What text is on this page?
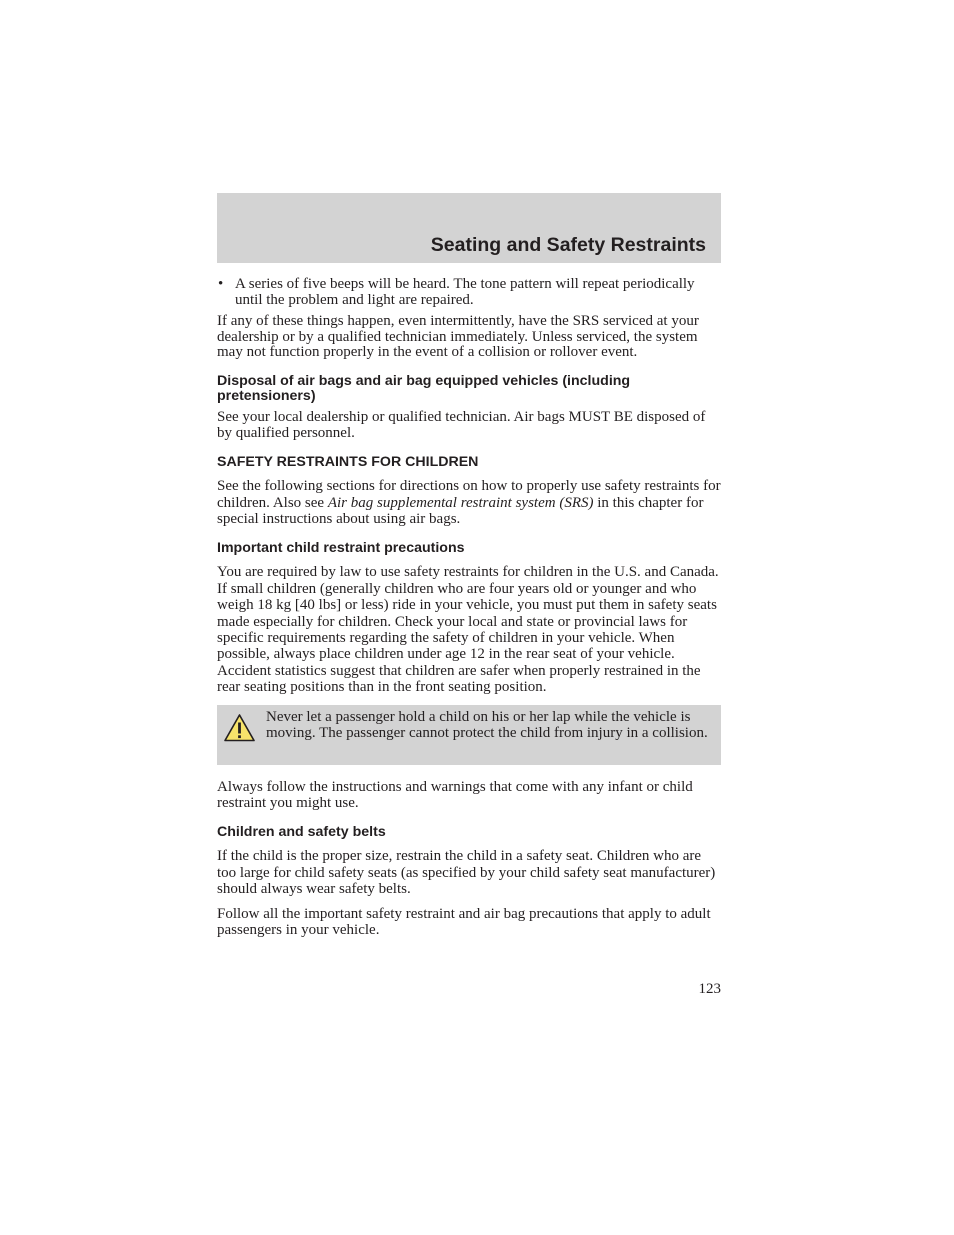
Seating and Safety Restraints

• A series of five beeps will be heard. The tone pattern will repeat periodically until the problem and light are repaired.

If any of these things happen, even intermittently, have the SRS serviced at your dealership or by a qualified technician immediately. Unless serviced, the system may not function properly in the event of a collision or rollover event.

Disposal of air bags and air bag equipped vehicles (including pretensioners)

See your local dealership or qualified technician. Air bags MUST BE disposed of by qualified personnel.

SAFETY RESTRAINTS FOR CHILDREN

See the following sections for directions on how to properly use safety restraints for children. Also see Air bag supplemental restraint system (SRS) in this chapter for special instructions about using air bags.

Important child restraint precautions

You are required by law to use safety restraints for children in the U.S. and Canada. If small children (generally children who are four years old or younger and who weigh 18 kg [40 lbs] or less) ride in your vehicle, you must put them in safety seats made especially for children. Check your local and state or provincial laws for specific requirements regarding the safety of children in your vehicle. When possible, always place children under age 12 in the rear seat of your vehicle. Accident statistics suggest that children are safer when properly restrained in the rear seating positions than in the front seating position.

Never let a passenger hold a child on his or her lap while the vehicle is moving. The passenger cannot protect the child from injury in a collision.

Always follow the instructions and warnings that come with any infant or child restraint you might use.

Children and safety belts

If the child is the proper size, restrain the child in a safety seat. Children who are too large for child safety seats (as specified by your child safety seat manufacturer) should always wear safety belts.

Follow all the important safety restraint and air bag precautions that apply to adult passengers in your vehicle.

123
